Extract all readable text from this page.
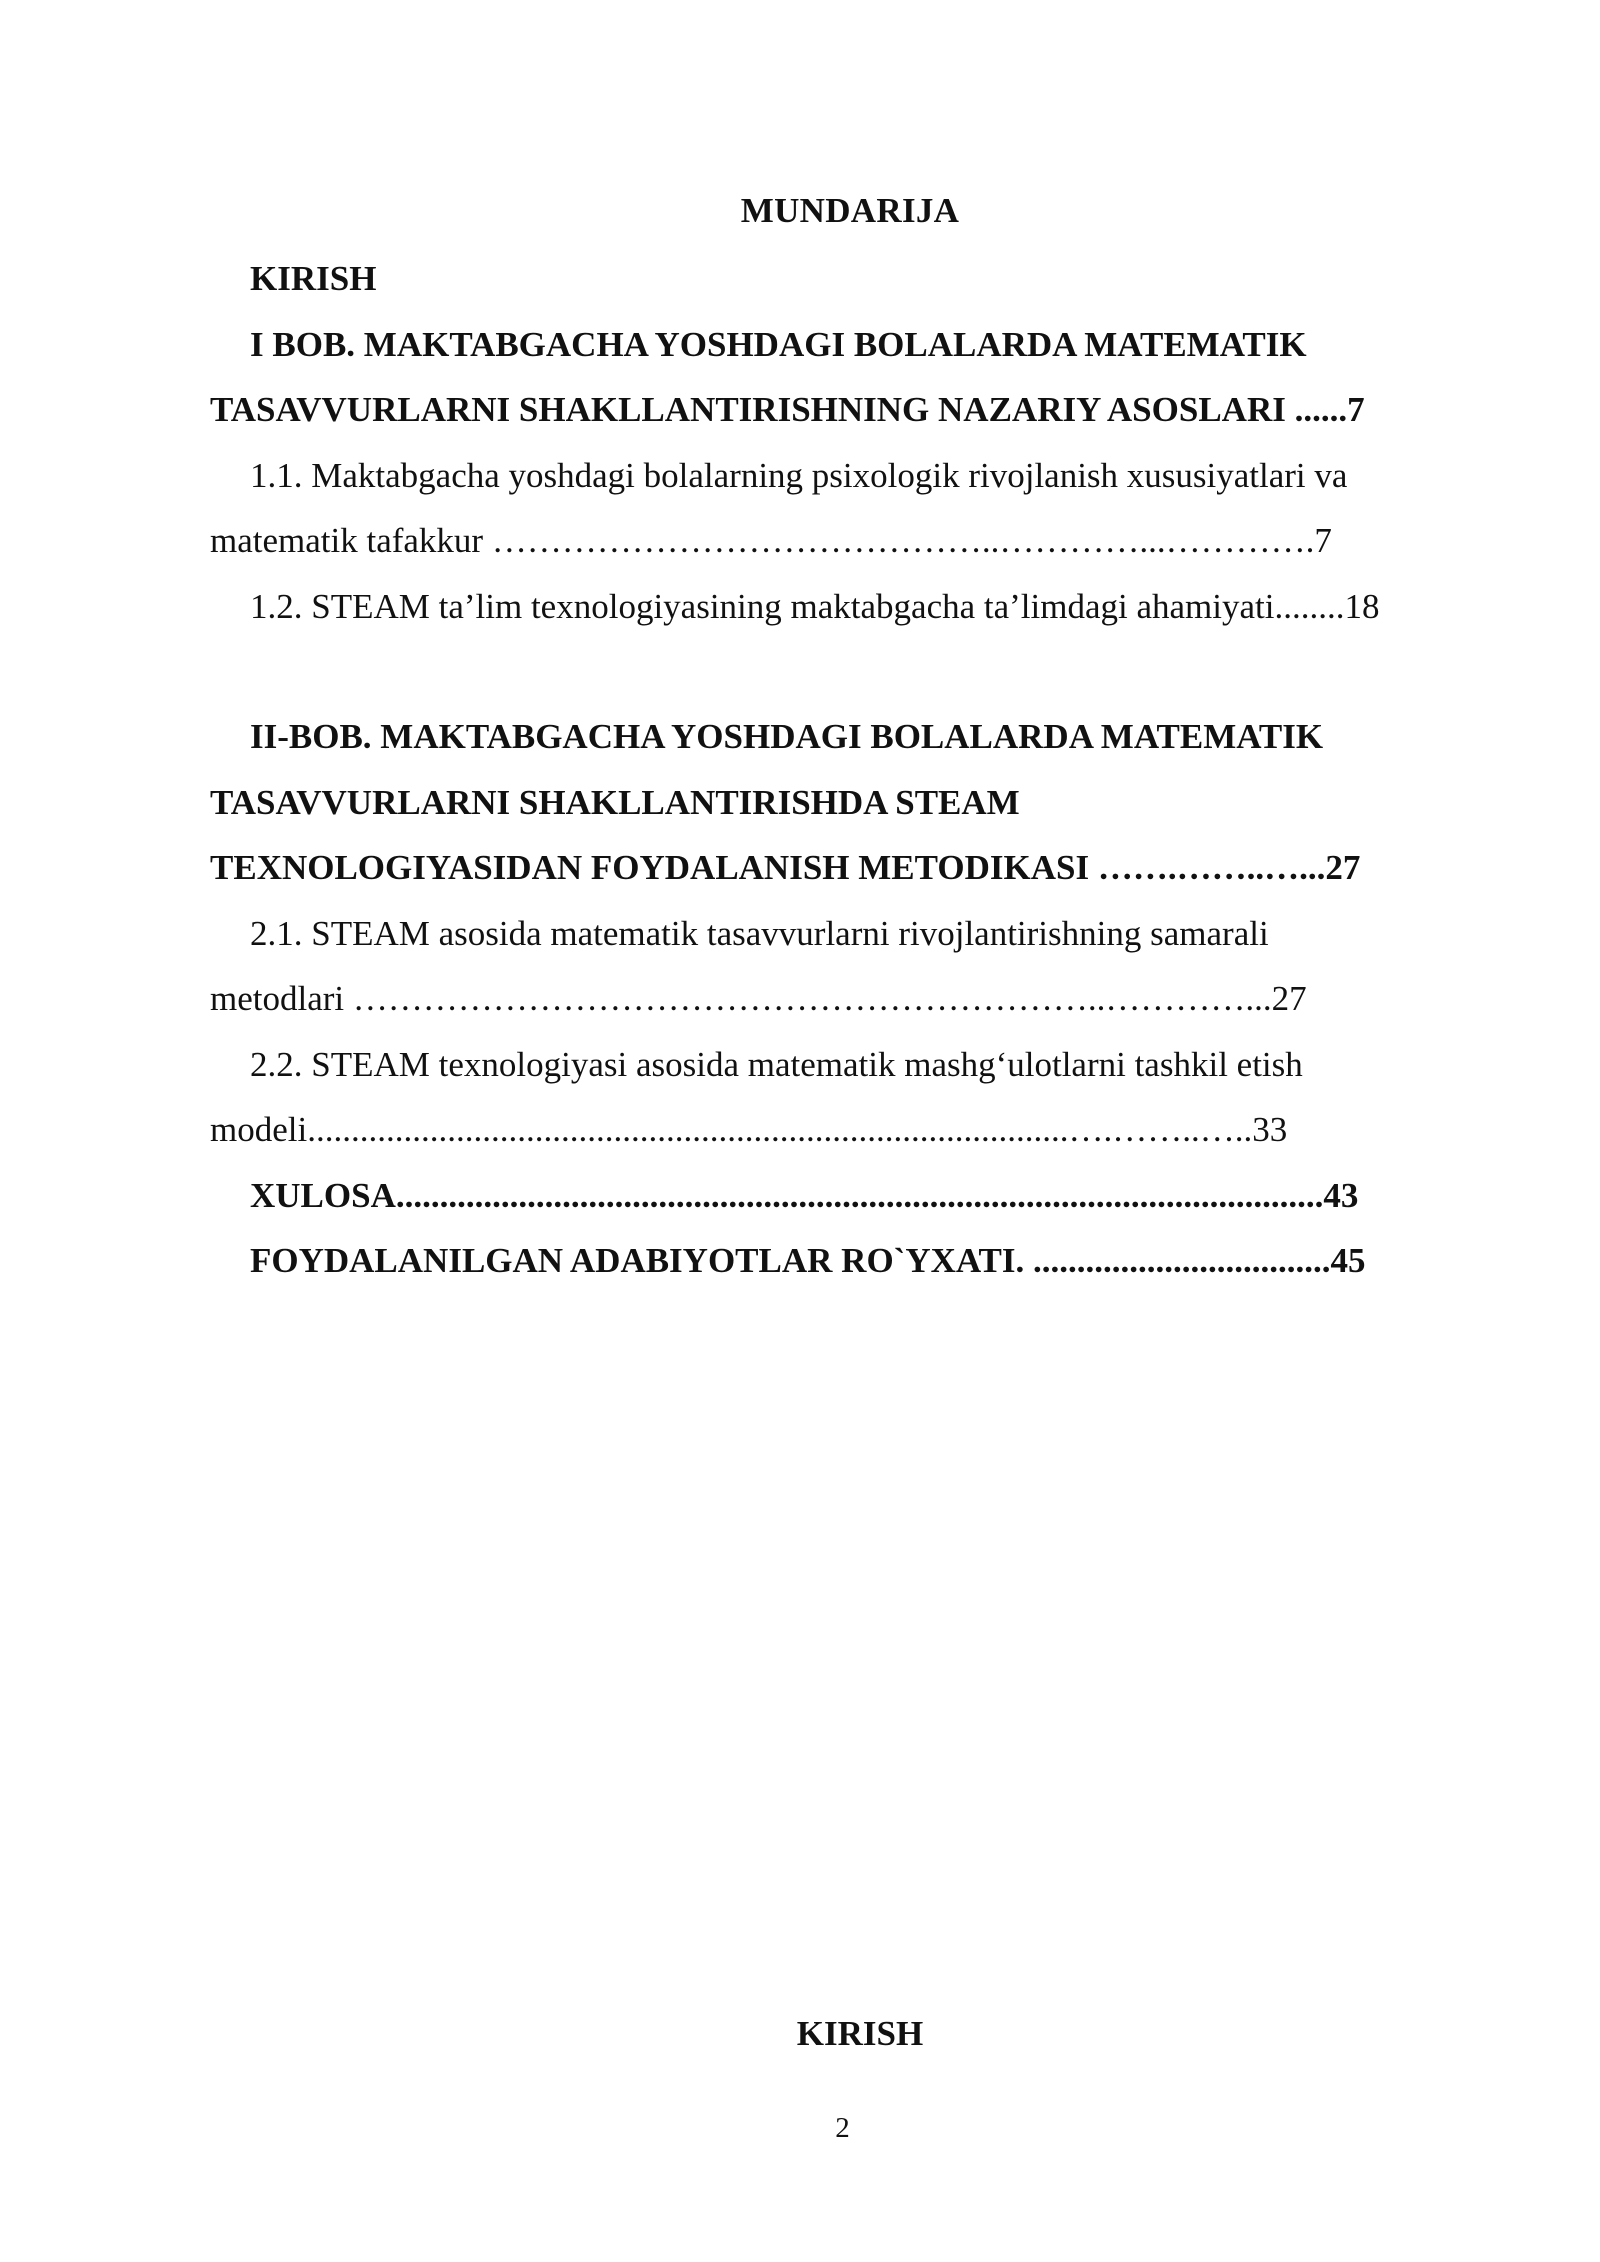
MUNDARIJA
KIRISH
I BOB. MAKTABGACHA YOSHDAGI BOLALARDA MATEMATIK
TASAVVURLARNI SHAKLLANTIRISHNING NAZARIY ASOSLARI ......7
1.1. Maktabgacha yoshdagi bolalarning psixologik rivojlanish xususiyatlari va
matematik tafakkur ……………………………………..…………...………….7
1.2. STEAM ta’lim texnologiyasining maktabgacha ta’limdagi ahamiyati........18
II-BOB. MAKTABGACHA YOSHDAGI BOLALARDA MATEMATIK
TASAVVURLARNI SHAKLLANTIRISHDA STEAM
TEXNOLOGIYASIDAN FOYDALANISH METODIKASI …….……..…...27
2.1. STEAM asosida matematik tasavvurlarni rivojlantirishning samarali
metodlari ………………………………………………………..…………...27
2.2. STEAM texnologiyasi asosida matematik mashg‘ulotlarni tashkil etish
modeli.......................................................................................….……..…..33
XULOSA..........................................................................................................43
FOYDALANILGAN ADABIYOTLAR RO`YXATI. ..................................45
KIRISH
2
